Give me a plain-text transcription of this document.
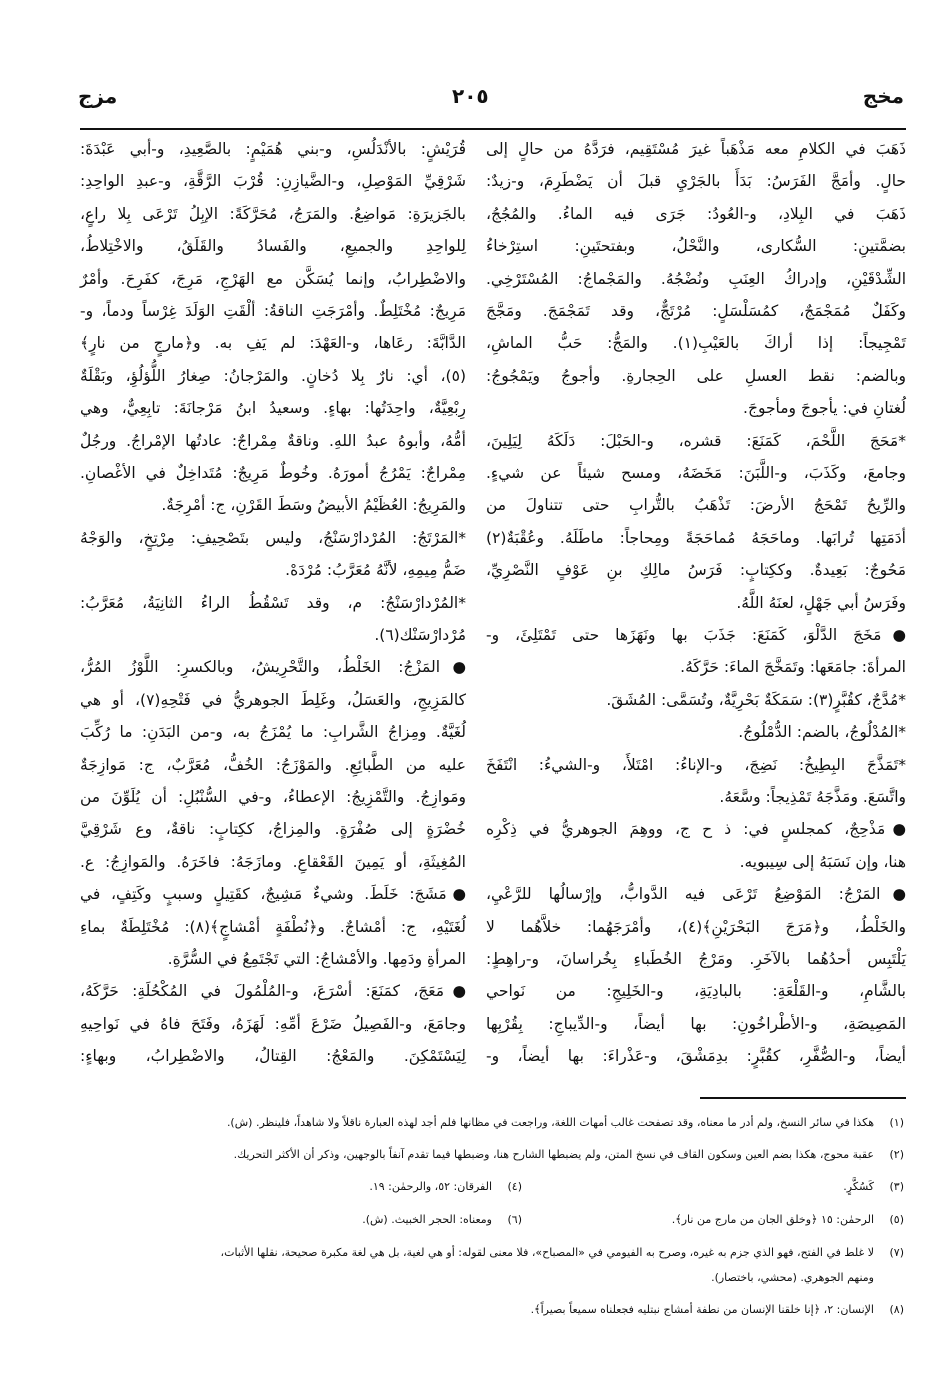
مخج
٢٠٥
مزج
ذَهَبَ في الكلامِ معه مَذْهَباً غيرَ مُسْتَقِيم، فرَدَّهُ من حالٍ إلى
حالٍ. وأمَجَّ الفَرَسُ: بَدَأَ بالجَرْيِ قبلَ أن يَضْطَرِمَ، و-زيدٌ:
ذَهَبَ في البِلادِ، و-العُودُ: جَرَى فيه الماءُ. والمُجُجُ،
بضمَّتينِ: السُّكارى، والنَّحْلُ، وبفتحتَينِ: استِرْخاءُ
الشِّدْقَيْنِ، وإدراكُ العِنَبِ ونُضْجُهُ. والمَجْماجُ: المُسْتَرْخِي.
وكَفَلٌ مُمَجْمَجٌ، كمُسَلْسَلٍ: مُرْتَجٌّ، وقد تَمَجْمَجَ. ومَجَّجَ
تَمْجِيجاً: إذا أراكَ بالعَيْبِ(١). والمَجُّ: حَبُّ الماشِ،
وبالضم: نقط العسلِ على الحِجارةِ. وأجوجُ ويَمْجُوجُ:
لُغتانِ في: يأجوجَ ومأجوجَ.
*مَحَجَ اللَّحْمَ، كَمَنَعَ: قشره، و-الحَبْلَ: دَلَكَهُ لِيَلِينَ،
وجامعَ، وكَذَبَ، و-اللَّبَنَ: مَخَضَهُ، ومسح شيئاً عن شيءٍ.
والرِّيحُ تَمْحَجُ الأرضَ: تَذْهَبُ بالتُّرابِ حتى تتناولَ من
أدَمَتِها تُرابَها. وماحَجَهُ مُماحَجَةً ومِحاجاً: ماطَلَهُ. وعُقْبَةٌ(٢)
مَحُوجٌ: بَعِيدةٌ. وككِتابٍ: فَرَسُ مالِكِ بنِ عَوْفٍ النَّصْرِيِّ،
وفَرَسُ أبي جَهْلٍ، لعنَهُ اللَّهُ.
●مَخَجَ الدَّلْوَ، كَمَنَعَ: جَذَبَ بها ونَهَزَها حتى تَمْتَلِئَ، و-
المرأةَ: جامَعَها: وتَمَخَّجَ الماءَ: حَرَّكَهُ.
*مُدَّجٌ، كقُبَّرٍ(٣): سَمَكَةٌ بَحْرِيَّةٌ، وتُسَمَّى: المُشَقَ.
*المُدْلُوجُ، بالضم: الدُّمْلُوجُ.
*تَمَذَّجَ البِطِيخُ: نَضِجَ، و-الإناءُ: امْتَلأَ، و-الشيءُ: انْتَفَخَ
واتَّسَعَ. ومَذَّجَهُ تَمْذِيجاً: وسَّعَهُ.
●مَذْحِجٌ، كمجلسٍ في: ذ ح ج، ووهِمَ الجوهريُّ في ذِكْرِه
هنا، وإن نَسَبَهُ إلى سِيبويه.
●المَرْجُ: المَوْضِعُ تَرْعَى فيه الدَّوابُّ، وإرْسالُها للرَّعْيِ،
والخَلْطُ، و﴿مَرَجَ البَحْرَيْنِ﴾(٤)، وأمْرَجَهُما: خلاَّهُما لا
يَلْتَبِس أحدُهُما بالآخَرِ. ومَرْجُ الخُطَباءِ بِخُراسانَ، و-راهِطٍ:
بالشَّامِ، و-القَلْعَةِ: بالبادِيَةِ، و-الخَلِيجِ: من نَواحي
المَصِيصَةِ، و-الأطْراخُونِ: بها أيضاً، و-الدِّيباجِ: بِقُرْبِها
أيضاً، و-الصُّفَّرِ، كقُبَّرٍ: بدِمَشْقَ، و-عَذْراءَ: بها أيضاً، و-
قُرَيْشٍ: بالأنْدَلُسِ، و-بني هُمَيْمٍ: بالصَّعِيدِ، و-أبي عَبْدَةَ:
شَرْقِيِّ المَوْصِلِ، و-الضَّيازِنِ: قُرْبَ الرَّقَّةِ، و-عبدِ الواحِدِ:
بالجَزيرَةِ: مَواضِعُ. والمَرَجُ، مُحَرَّكَةً: الإبِلُ تَرْعَى بِلا راعٍ،
لِلواحِدِ والجميعِ، والفَسادُ والقَلَقُ، والاخْتِلاطُ،
والاضْطِرابُ، وإنما يُسَكَّن مع الهَرْجِ، مَرِجَ، كفَرِحَ. وأمْرٌ
مَرِيجٌ: مُخْتَلِطٌ. وأمْرَجَتِ الناقةُ: ألْقَتِ الوَلَدَ غِرْساً ودماً، و-
الدَّابَّةَ: رعَاها، و-العَهْدَ: لم يَفِ به. و﴿مارجٍ من نارٍ﴾
(٥)، أي: نارٌ بِلا دُخانٍ. والمَرْجانُ: صِغارُ اللُّؤلُؤِ، وبَقْلَةٌ
رِبْعِيَّةٌ، واحِدَتُها: بهاءٍ. وسعيدُ ابنُ مَرْجانَةَ: تابِعِيٌّ، وهي
أمُّهُ، وأبوهُ عبدُ اللهِ. وناقةٌ مِمْراجٌ: عادتُها الإمْراجُ. ورجُلٌ
مِمْراجٌ: يَمْرُجُ أمورَهُ. وخُوطٌ مَرِيجٌ: مُتَداخِلٌ في الأغْصانِ.
والمَرِيجُ: العُظَيْمُ الأبيضُ وسَطَ القَرْنِ، ج: أمْرِجَةٌ.
*المَرْتَجُ: المُرْدارْسَنْجُ، وليس بتَصْحِيفِ: مِرْتِخٍ، والوَجْهُ
ضَمُّ مِيمِهِ، لأنَّهُ مُعَرَّبُ: مُرْدَهْ.
*المُرْدارْسَنْجُ: م، وقد تَسْقُطُ الراءُ الثانِيَةُ، مُعَرَّبُ:
مُرْدارْسَنْك(٦).
●المَزْجُ: الخَلْطُ، والتَّحْرِيشُ، وبالكسرِ: اللَّوْزُ المُرُّ،
كالمَزِيجِ، والعَسَلُ، وغَلِطَ الجوهريُّ في فَتْحِهِ(٧)، أو هي
لُغَيَّةٌ. ومِزاجُ الشَّرابِ: ما يُمْزَجُ به، و-من البَدَنِ: ما رُكِّبَ
عليه من الطَّبائِعِ. والمَوْزَجُ: الخُفُّ، مُعَرَّبٌ، ج: مَوازِجَةٌ
ومَوازِجُ. والتَّمْزِيجُ: الإعطاءُ، و-في السُّنْبُلِ: أن يُلَوِّنَ من
خُضْرَةٍ إلى صُفْرَةٍ. والمِزاجُ، ككِتابٍ: ناقةٌ، وع شَرْقِيَّ
المُغِيثَةِ، أو يَمِينَ القَعْقاعِ. ومازَجَهُ: فاخَرَهُ. والمَوازِجُ: ع.
●مَشَجَ: خَلَطَ. وشيءٌ مَشِيجٌ، كقَتِيلٍ وسببٍ وكَتِفٍ، في
لُغَتَيْهِ، ج: أمْشاجٌ. و﴿نُطْفَةٍ أمْشاجٍ﴾(٨): مُخْتَلِطَةٌ بماءِ
المرأةِ ودَمِها. والأمْشاجُ: التي تَجْتَمِعُ في السُّرَّةِ.
●مَعَجَ، كمَنَعَ: أسْرَعَ، و-المُلْمُولَ في المُكْحُلَةِ: حَرَّكَهُ،
وجامَعَ، و-الفَصِيلُ ضَرْعَ أمِّهِ: لَهَزَهُ، وفَتَحَ فاهُ في نَواحِيهِ
لِيَسْتَمْكِنَ. والمَعْجُ: القِتالُ، والاضْطِرابُ، وبهاءٍ:
(١)هكذا في سائر النسخ، ولم أدر ما معناه، وقد تصفحت غالب أمهات اللغة، وراجعت في مظانها فلم أجد لهذه العبارة ناقلاً ولا شاهداً، فلينظر. (ش).
(٢)عقبة محوج، هكذا بضم العين وسكون القاف في نسخ المتن، ولم يضبطها الشارح هنا، وضبطها فيما تقدم آنفاً بالوجهين، وذكر أن الأكثر التحريك.
(٣)كَسُكَّرٍ.
(٤)الفرقان: ٥٢، والرحمٰن: ١٩.
(٥)الرحمٰن: ١٥ ﴿وخلق الجان من مارج من نار﴾.
(٦)ومعناه: الحجر الخبيث. (ش).
(٧)لا غلط في الفتح، فهو الذي جزم به غيره، وصرح به الفيومي في «المصباح»، فلا معنى لقوله: أو هي لغية، بل هي لغة مكبرة صحيحة، نقلها الأثبات،
ومنهم الجوهري. (محشي، باختصار).
(٨)الإنسان: ٢، ﴿إنا خلقنا الإنسان من نطفة أمشاج نبتليه فجعلناه سميعاً بصيراً﴾.
